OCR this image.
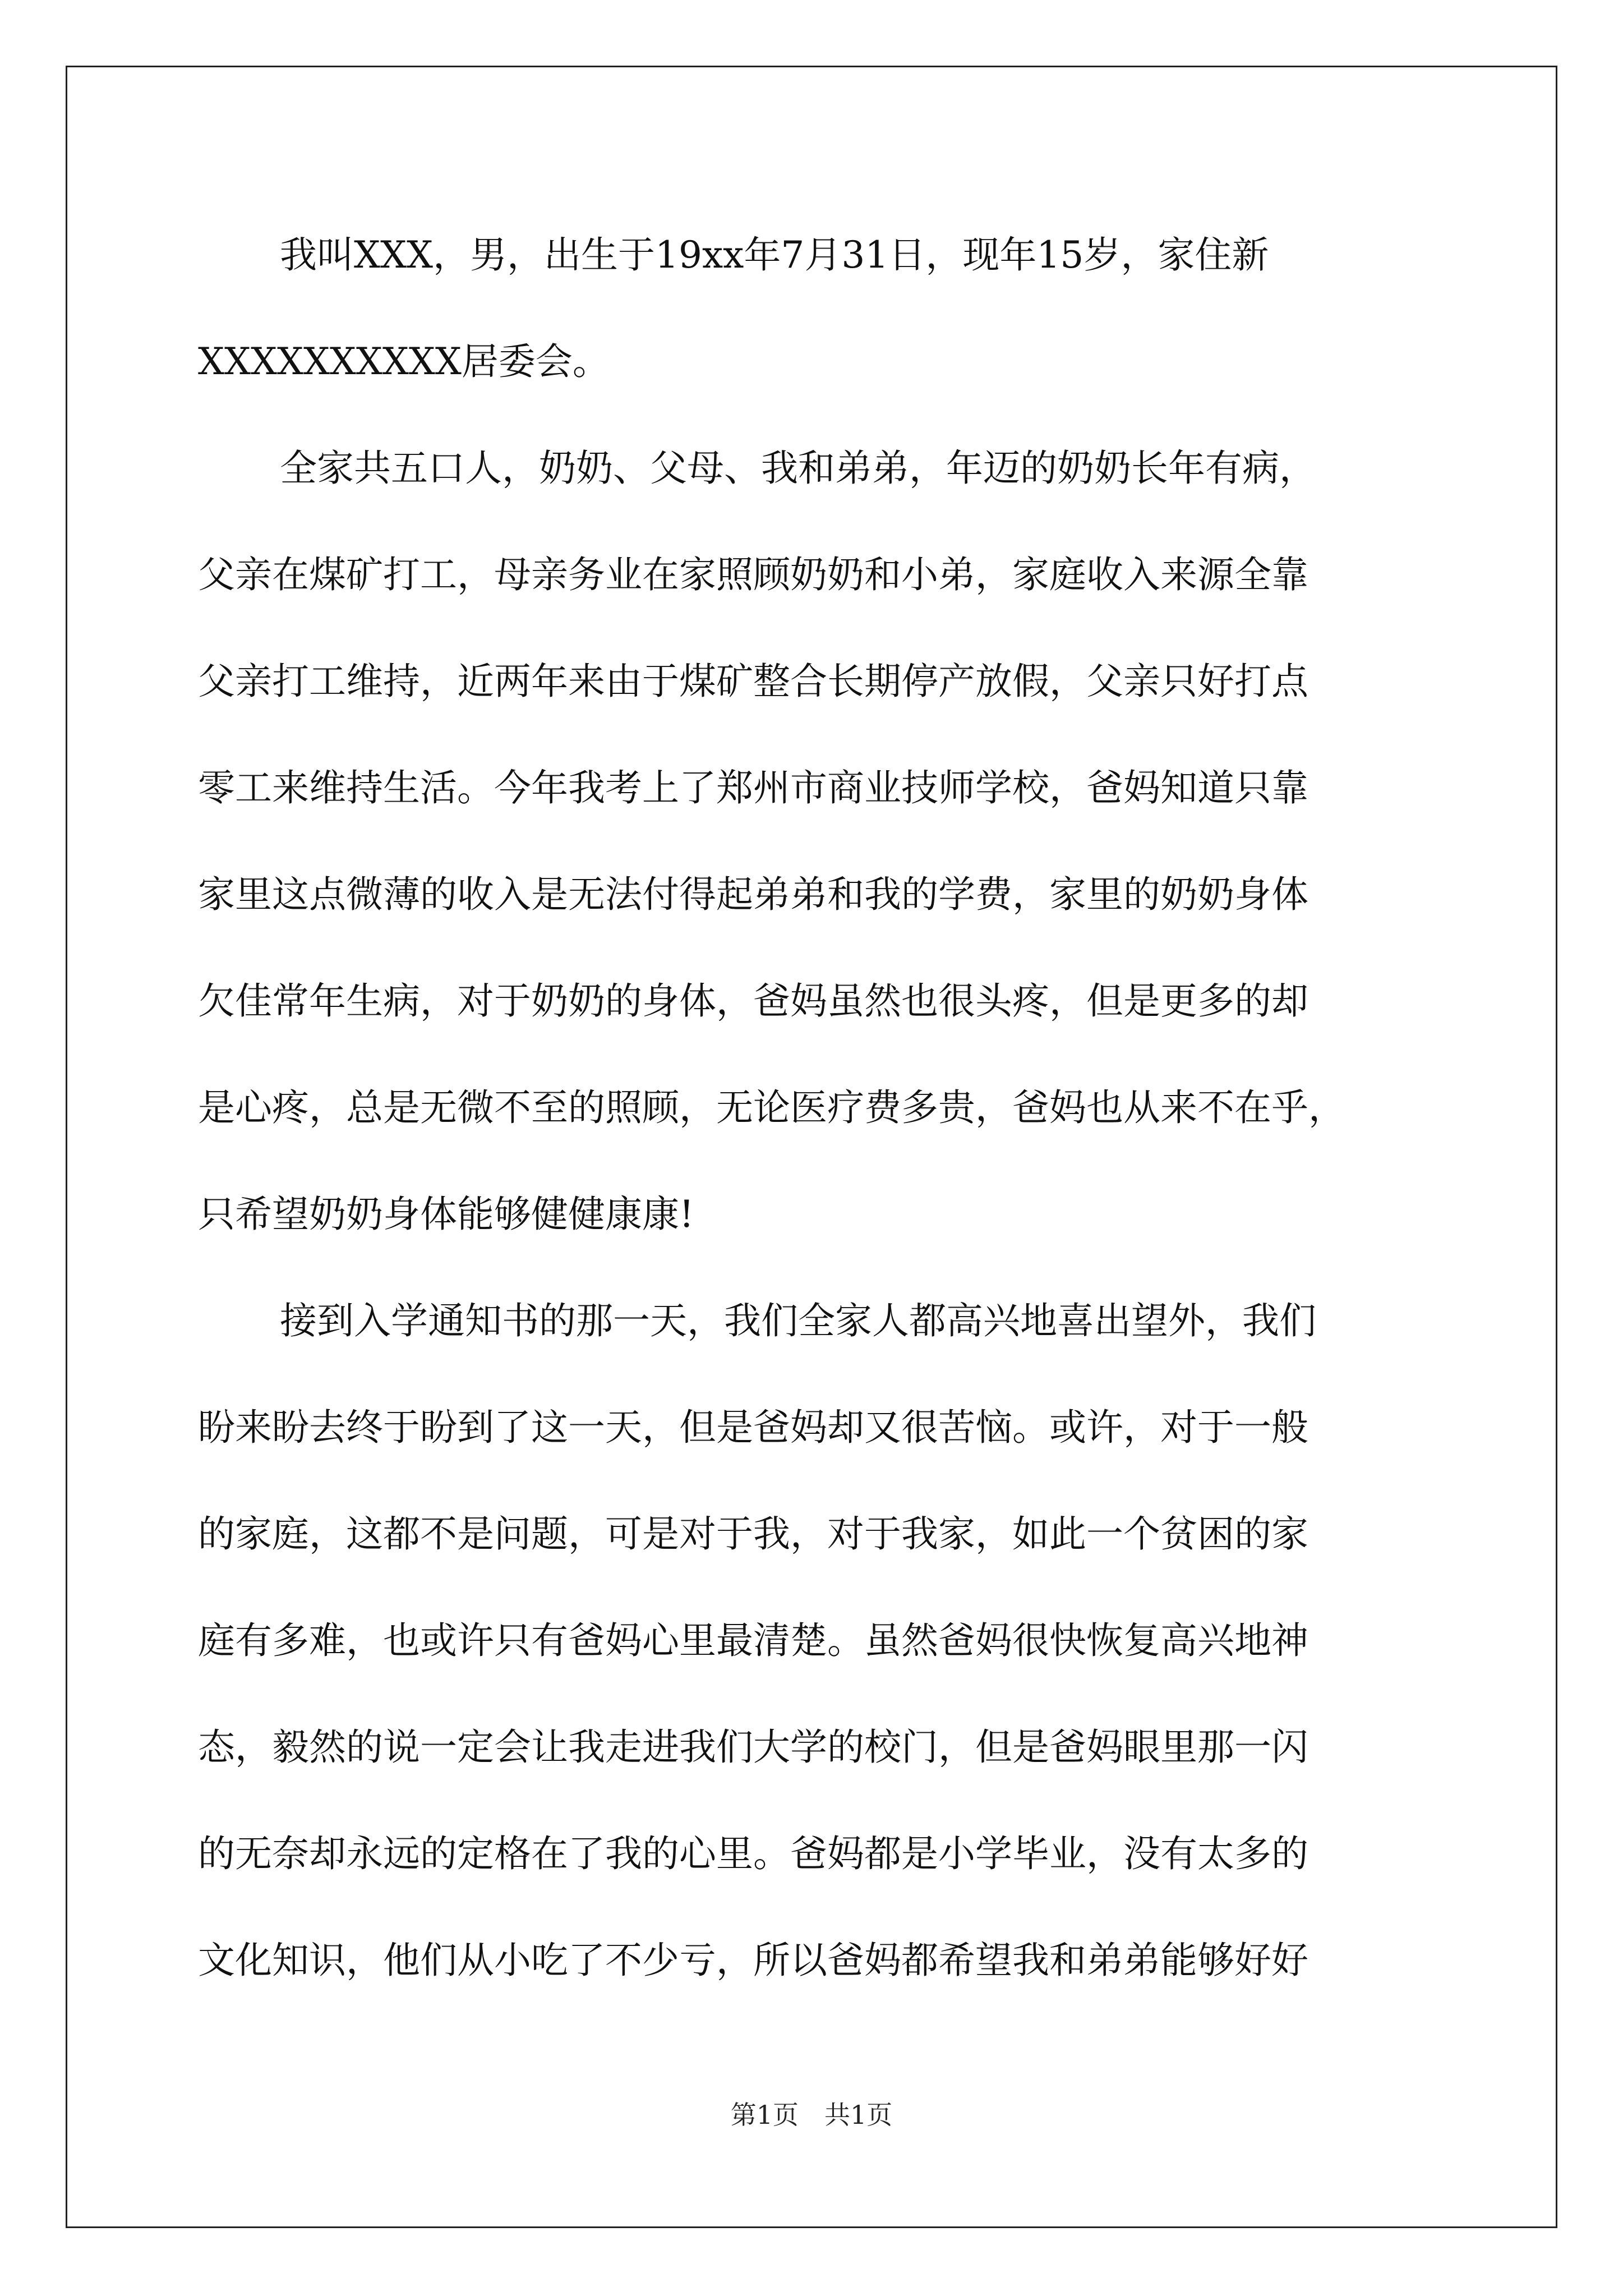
我叫XXX，男，出生于19xx年7月31日，现年15岁，家住新
XXXXXXXXXX居委会。
全家共五口人，奶奶、父母、我和弟弟，年迈的奶奶长年有病，
父亲在煤矿打工，母亲务业在家照顾奶奶和小弟，家庭收入来源全靠
父亲打工维持，近两年来由于煤矿整合长期停产放假，父亲只好打点
零工来维持生活。今年我考上了郑州市商业技师学校，爸妈知道只靠
家里这点微薄的收入是无法付得起弟弟和我的学费，家里的奶奶身体
欠佳常年生病，对于奶奶的身体，爸妈虽然也很头疼，但是更多的却
是心疼，总是无微不至的照顾，无论医疗费多贵，爸妈也从来不在乎，
只希望奶奶身体能够健健康康!
接到入学通知书的那一天，我们全家人都高兴地喜出望外，我们
盼来盼去终于盼到了这一天，但是爸妈却又很苦恼。或许，对于一般
的家庭，这都不是问题，可是对于我，对于我家，如此一个贫困的家
庭有多难，也或许只有爸妈心里最清楚。虽然爸妈很快恢复高兴地神
态，毅然的说一定会让我走进我们大学的校门，但是爸妈眼里那一闪
的无奈却永远的定格在了我的心里。爸妈都是小学毕业，没有太多的
文化知识，他们从小吃了不少亏，所以爸妈都希望我和弟弟能够好好
第1页　共1页
